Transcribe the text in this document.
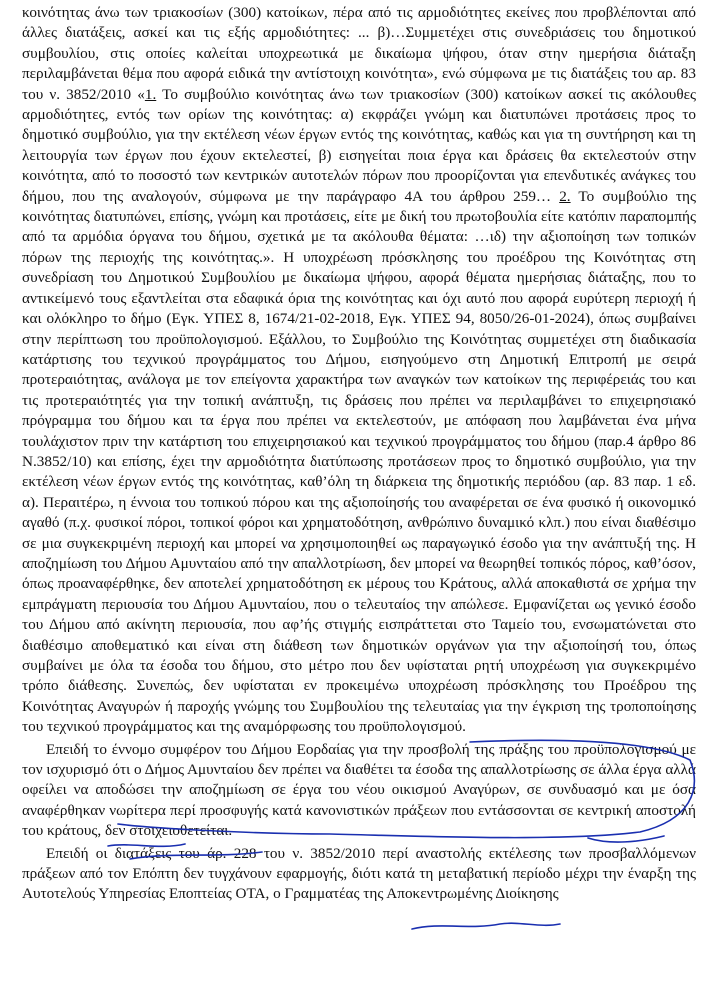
κοινότητας άνω των τριακοσίων (300) κατοίκων, πέρα από τις αρμοδιότητες εκείνες που προβλέπονται από άλλες διατάξεις, ασκεί και τις εξής αρμοδιότητες: ... β)…Συμμετέχει στις συνεδριάσεις του δημοτικού συμβουλίου, στις οποίες καλείται υποχρεωτικά με δικαίωμα ψήφου, όταν στην ημερήσια διάταξη περιλαμβάνεται θέμα που αφορά ειδικά την αντίστοιχη κοινότητα», ενώ σύμφωνα με τις διατάξεις του αρ. 83 του ν. 3852/2010 «1. Το συμβούλιο κοινότητας άνω των τριακοσίων (300) κατοίκων ασκεί τις ακόλουθες αρμοδιότητες, εντός των ορίων της κοινότητας: α) εκφράζει γνώμη και διατυπώνει προτάσεις προς το δημοτικό συμβούλιο, για την εκτέλεση νέων έργων εντός της κοινότητας, καθώς και για τη συντήρηση και τη λειτουργία των έργων που έχουν εκτελεστεί, β) εισηγείται ποια έργα και δράσεις θα εκτελεστούν στην κοινότητα, από το ποσοστό των κεντρικών αυτοτελών πόρων που προορίζονται για επενδυτικές ανάγκες του δήμου, που της αναλογούν, σύμφωνα με την παράγραφο 4Α του άρθρου 259… 2. Το συμβούλιο της κοινότητας διατυπώνει, επίσης, γνώμη και προτάσεις, είτε με δική του πρωτοβουλία είτε κατόπιν παραπομπής από τα αρμόδια όργανα του δήμου, σχετικά με τα ακόλουθα θέματα: …ιδ) την αξιοποίηση των τοπικών πόρων της περιοχής της κοινότητας.». Η υποχρέωση πρόσκλησης του προέδρου της Κοινότητας στη συνεδρίαση του Δημοτικού Συμβουλίου με δικαίωμα ψήφου, αφορά θέματα ημερήσιας διάταξης, που το αντικείμενό τους εξαντλείται στα εδαφικά όρια της κοινότητας και όχι αυτό που αφορά ευρύτερη περιοχή ή και ολόκληρο το δήμο (Εγκ. ΥΠΕΣ 8, 1674/21-02-2018, Εγκ. ΥΠΕΣ 94, 8050/26-01-2024), όπως συμβαίνει στην περίπτωση του προϋπολογισμού. Εξάλλου, το Συμβούλιο της Κοινότητας συμμετέχει στη διαδικασία κατάρτισης του τεχνικού προγράμματος του Δήμου, εισηγούμενο στη Δημοτική Επιτροπή με σειρά προτεραιότητας, ανάλογα με τον επείγοντα χαρακτήρα των αναγκών των κατοίκων της περιφέρειάς του και τις προτεραιότητές για την τοπική ανάπτυξη, τις δράσεις που πρέπει να περιλαμβάνει το επιχειρησιακό πρόγραμμα του δήμου και τα έργα που πρέπει να εκτελεστούν, με απόφαση που λαμβάνεται ένα μήνα τουλάχιστον πριν την κατάρτιση του επιχειρησιακού και τεχνικού προγράμματος του δήμου (παρ.4 άρθρο 86 Ν.3852/10) και επίσης, έχει την αρμοδιότητα διατύπωσης προτάσεων προς το δημοτικό συμβούλιο, για την εκτέλεση νέων έργων εντός της κοινότητας, καθ’όλη τη διάρκεια της δημοτικής περιόδου (αρ. 83 παρ. 1 εδ. α). Περαιτέρω, η έννοια του τοπικού πόρου και της αξιοποίησής του αναφέρεται σε ένα φυσικό ή οικονομικό αγαθό (π.χ. φυσικοί πόροι, τοπικοί φόροι και χρηματοδότηση, ανθρώπινο δυναμικό κλπ.) που είναι διαθέσιμο σε μια συγκεκριμένη περιοχή και μπορεί να χρησιμοποιηθεί ως παραγωγικό έσοδο για την ανάπτυξή της. Η αποζημίωση του Δήμου Αμυνταίου από την απαλλοτρίωση, δεν μπορεί να θεωρηθεί τοπικός πόρος, καθ’όσον, όπως προαναφέρθηκε, δεν αποτελεί χρηματοδότηση εκ μέρους του Κράτους, αλλά αποκαθιστά σε χρήμα την εμπράγματη περιουσία του Δήμου Αμυνταίου, που ο τελευταίος την απώλεσε. Εμφανίζεται ως γενικό έσοδο του Δήμου από ακίνητη περιουσία, που αφ’ής στιγμής εισπράττεται στο Ταμείο του, ενσωματώνεται στο διαθέσιμο αποθεματικό και είναι στη διάθεση των δημοτικών οργάνων για την αξιοποίησή του, όπως συμβαίνει με όλα τα έσοδα του δήμου, στο μέτρο που δεν υφίσταται ρητή υποχρέωση για συγκεκριμένο τρόπο διάθεσης. Συνεπώς, δεν υφίσταται εν προκειμένω υποχρέωση πρόσκλησης του Προέδρου της Κοινότητας Αναγυρών ή παροχής γνώμης του Συμβουλίου της τελευταίας για την έγκριση της τροποποίησης του τεχνικού προγράμματος και της αναμόρφωσης του προϋπολογισμού.

Επειδή το έννομο συμφέρον του Δήμου Εορδαίας για την προσβολή της πράξης του προϋπολογισμού με τον ισχυρισμό ότι ο Δήμος Αμυνταίου δεν πρέπει να διαθέτει τα έσοδα της απαλλοτρίωσης σε άλλα έργα αλλά οφείλει να αποδώσει την αποζημίωση σε έργα του νέου οικισμού Αναγύρων, σε συνδυασμό και με όσα αναφέρθηκαν νωρίτερα περί προσφυγής κατά κανονιστικών πράξεων που εντάσσονται σε κεντρική αποστολή του κράτους, δεν στοιχειοθετείται.

Επειδή οι διατάξεις του άρ. 228 του ν. 3852/2010 περί αναστολής εκτέλεσης των προσβαλλόμενων πράξεων από τον Επόπτη δεν τυγχάνουν εφαρμογής, διότι κατά τη μεταβατική περίοδο μέχρι την έναρξη της Αυτοτελούς Υπηρεσίας Εποπτείας ΟΤΑ, ο Γραμματέας της Αποκεντρωμένης Διοίκησης
